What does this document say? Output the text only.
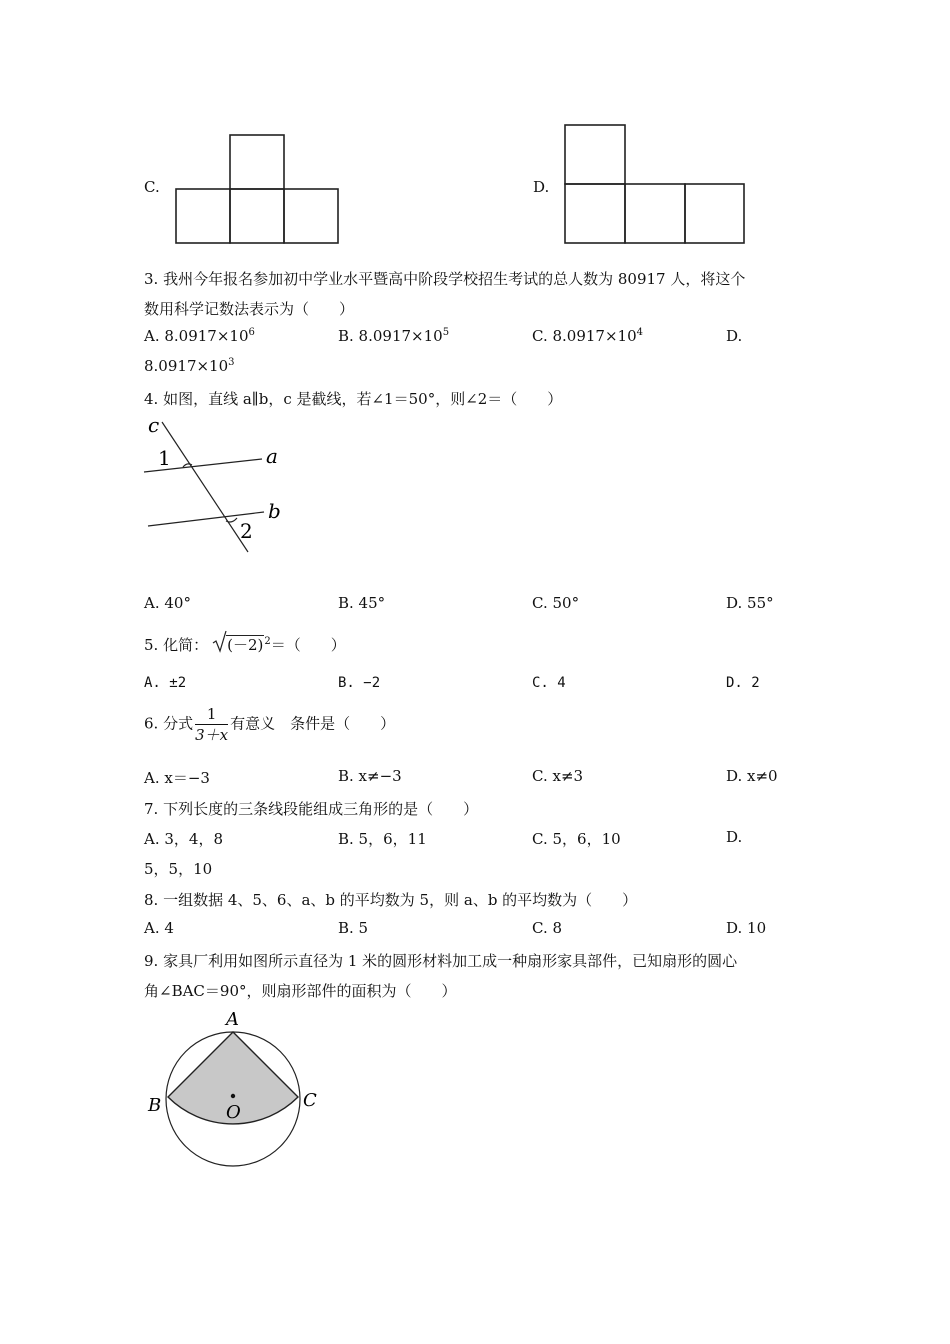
C.	D.
3. 我州今年报名参加初中学业水平暨高中阶段学校招生考试的总人数为 80917 人，将这个
数用科学记数法表示为（　　）
A. $8.0917\times 10^6$	B. $8.0917\times 10^5$	C. $8.0917\times 10^4$	D.
$8.0917\times 10^3$
4. 如图，直线 a∥b，c 是截线，若∠1＝50°，则∠2＝（　　）
c
1	a
b
2
A. 40°	B. 45°	C. 50°	D. 55°
5. 化简： $(-2)^2=$（　　）
A. ±2	B. −2	C. 4	D. 2
6. 分式 $\frac{1}{3+x}$ 有意义　条件是（　　）
A. x＝−3	B. x≠−3	C. x≠3	D. x≠0
7. 下列长度的三条线段能组成三角形的是（　　）
A. 3，4，8	B. 5，6，11	C. 5，6，10	D.
5，5，10
8. 一组数据 4、5、6、a、b 的平均数为 5，则 a、b 的平均数为（　　）
A. 4	B. 5	C. 8	D. 10
9. 家具厂利用如图所示直径为 1 米的圆形材料加工成一种扇形家具部件，已知扇形的圆心
角∠BAC＝90°，则扇形部件的面积为（　　）
A
B	C
O
